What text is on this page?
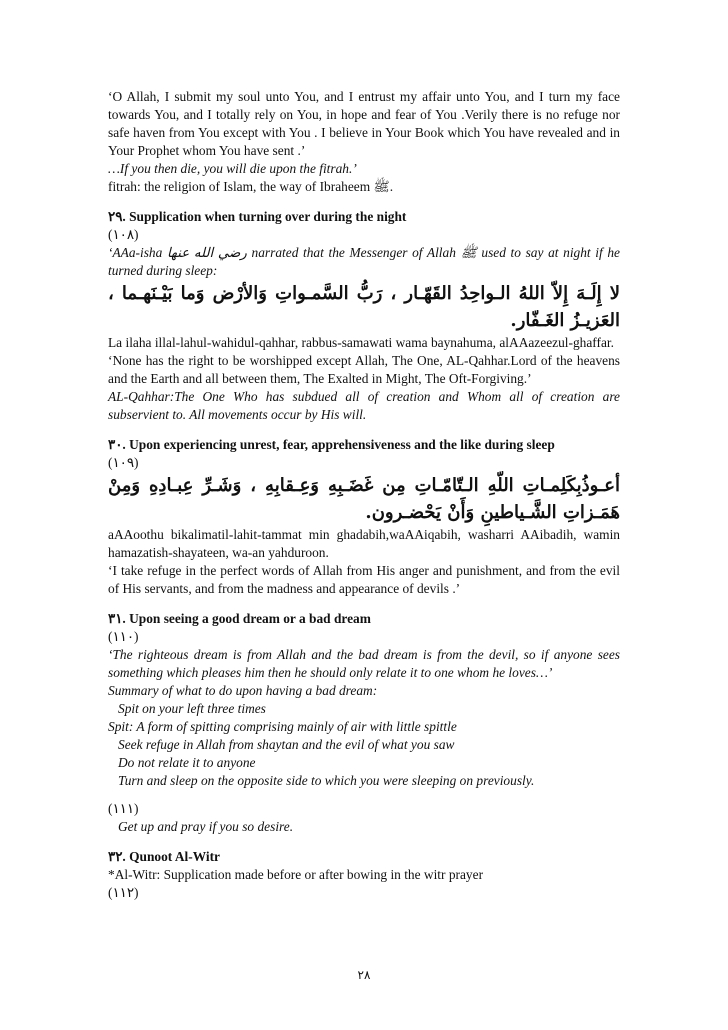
‘O Allah, I submit my soul unto You, and I entrust my affair unto You, and I turn my face towards You, and I totally rely on You, in hope and fear of You .Verily there is no refuge nor safe haven from You except with You . I believe in Your Book which You have revealed and in Your Prophet whom You have sent .’

…If you then die, you will die upon the fitrah.’

fitrah: the religion of Islam, the way of Ibraheem ﷺ.

٢٩. Supplication when turning over during the night

(١٠٨)

‘AAa-isha رضي الله عنها narrated that the Messenger of Allah ﷺ used to say at night if he turned during sleep:

لا إِلَـهَ إِلاّ اللهُ الـواحِدُ القَهّـار ، رَبُّ السَّمـواتِ وَالأرْض وَما بَيْـنَهـما ، العَزيـزُ الغَـفّار.

La ilaha illal-lahul-wahidul-qahhar, rabbus-samawati wama baynahuma, alAAazeezul-ghaffar.

‘None has the right to be worshipped except Allah, The One, AL-Qahhar.Lord of the heavens and the Earth and all between them, The Exalted in Might, The Oft-Forgiving.’

AL-Qahhar:The One Who has subdued all of creation and Whom all of creation are subservient to. All movements occur by His will.

٣٠. Upon experiencing unrest, fear, apprehensiveness and the like during sleep

(١٠٩)

أعـوذُبِكَلِمـاتِ اللّهِ الـتّامّـاتِ مِن غَضَـبِهِ وَعِـقابِهِ ، وَشَـرِّ عِبـادِهِ وَمِنْ هَمَـزاتِ الشَّـياطينِ وَأَنْ يَحْضـرون.

aAAoothu bikalimatil-lahit-tammat min ghadabih,waAAiqabih, washarri AAibadih, wamin hamazatish-shayateen, wa-an yahduroon.

‘I take refuge in the perfect words of Allah from His anger and punishment, and from the evil of His servants, and from the madness and appearance of devils .’

٣١. Upon seeing a good dream or a bad dream

(١١٠)

‘The righteous dream is from Allah and the bad dream is from the devil, so if anyone sees something which pleases him then he should only relate it to one whom he loves…’

Summary of what to do upon having a bad dream:

Spit on your left three times

Spit: A form of spitting comprising mainly of air with little spittle

Seek refuge in Allah from shaytan and the evil of what you saw

Do not relate it to anyone

Turn and sleep on the opposite side to which you were sleeping on previously.

(١١١)

Get up and pray if you so desire.

٣٢. Qunoot Al-Witr

*Al-Witr: Supplication made before or after bowing in the witr prayer

(١١٢)

٢٨
